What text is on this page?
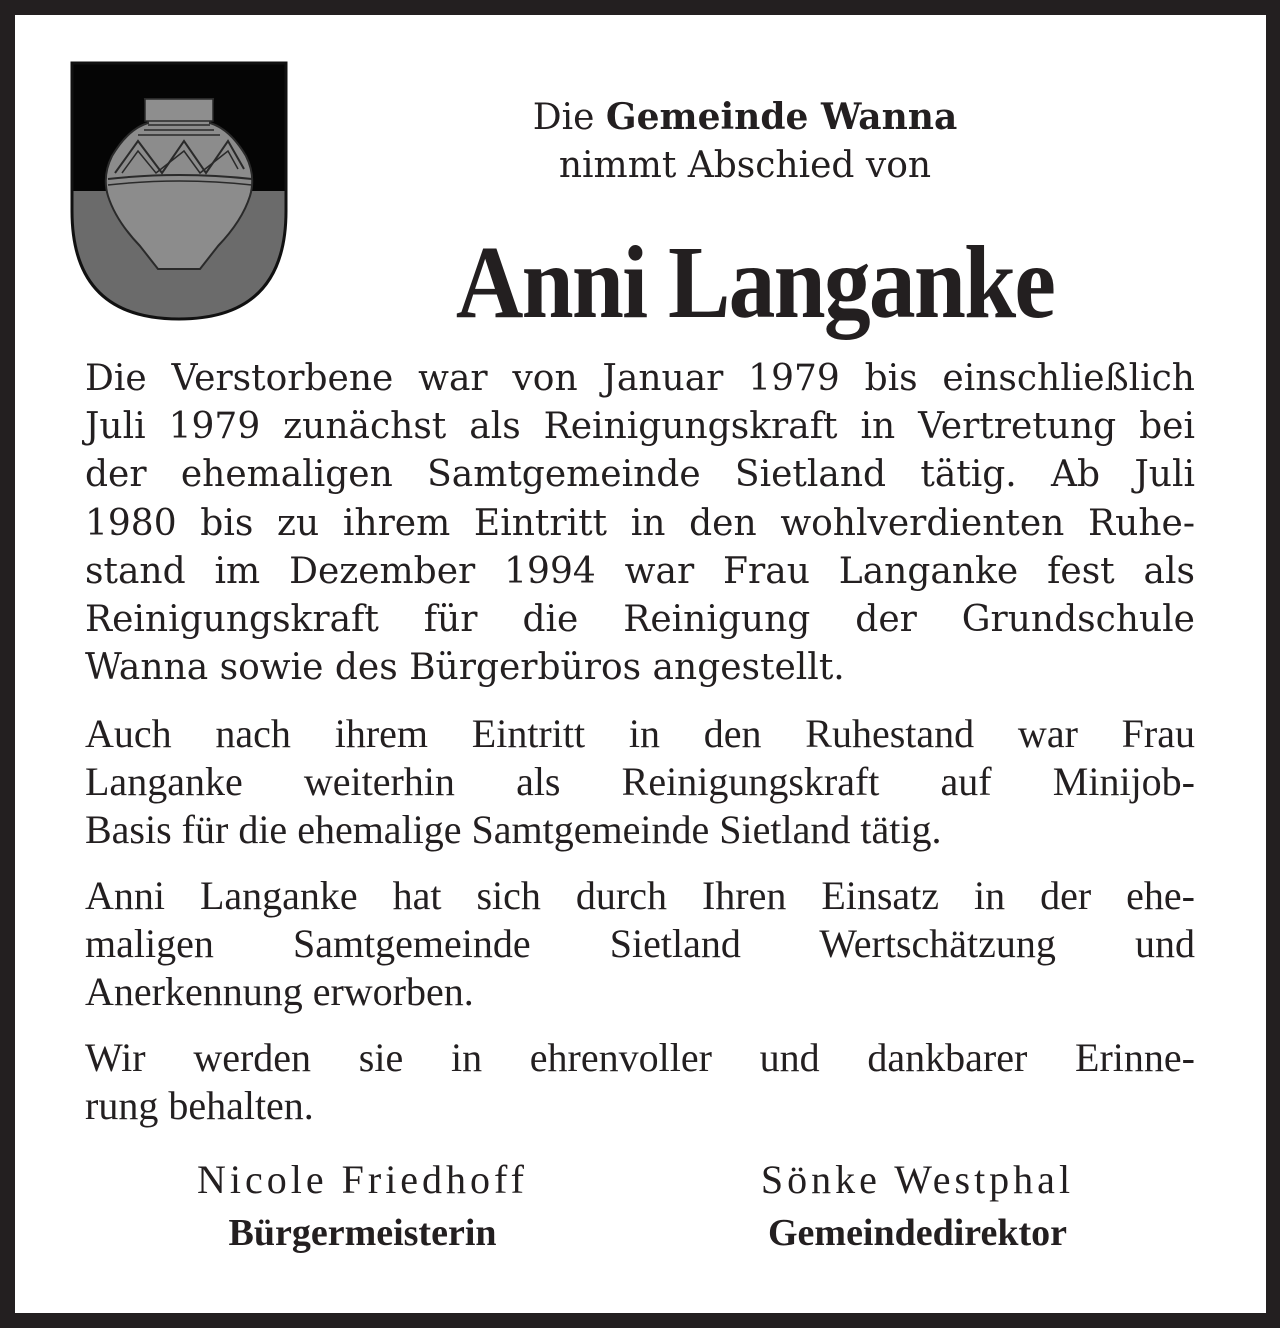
Die Gemeinde Wanna
nimmt Abschied von
Anni Langanke

Die Verstorbene war von Januar 1979 bis einschließlich
Juli 1979 zunächst als Reinigungskraft in Vertretung bei
der ehemaligen Samtgemeinde Sietland tätig. Ab Juli
1980 bis zu ihrem Eintritt in den wohlverdienten Ruhe-
stand im Dezember 1994 war Frau Langanke fest als
Reinigungskraft für die Reinigung der Grundschule
Wanna sowie des Bürgerbüros angestellt.

Auch nach ihrem Eintritt in den Ruhestand war Frau
Langanke weiterhin als Reinigungskraft auf Minijob-
Basis für die ehemalige Samtgemeinde Sietland tätig.

Anni Langanke hat sich durch Ihren Einsatz in der ehe-
maligen Samtgemeinde Sietland Wertschätzung und
Anerkennung erworben.

Wir werden sie in ehrenvoller und dankbarer Erinne-
rung behalten.

Nicole Friedhoff
Bürgermeisterin
Sönke Westphal
Gemeindedirektor
